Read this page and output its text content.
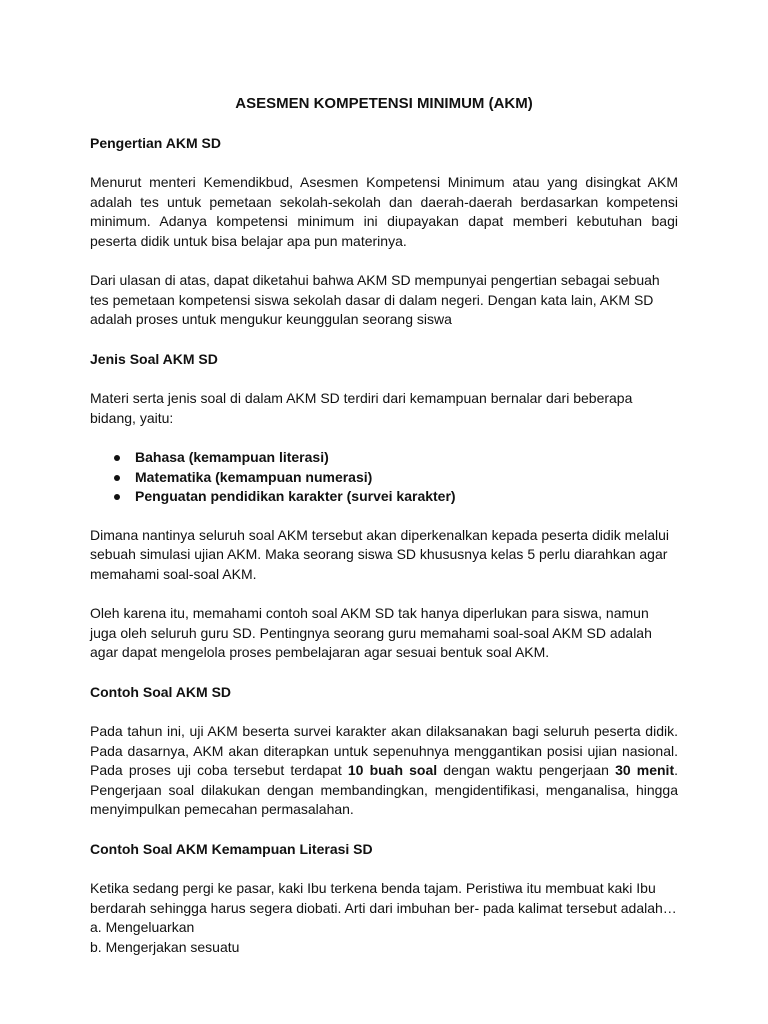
ASESMEN KOMPETENSI MINIMUM (AKM)
Pengertian AKM SD

Menurut menteri Kemendikbud, Asesmen Kompetensi Minimum atau yang disingkat AKM adalah tes untuk pemetaan sekolah-sekolah dan daerah-daerah berdasarkan kompetensi minimum. Adanya kompetensi minimum ini diupayakan dapat memberi kebutuhan bagi peserta didik untuk bisa belajar apa pun materinya.

Dari ulasan di atas, dapat diketahui bahwa AKM SD mempunyai pengertian sebagai sebuah tes pemetaan kompetensi siswa sekolah dasar di dalam negeri. Dengan kata lain, AKM SD adalah proses untuk mengukur keunggulan seorang siswa

Jenis Soal AKM SD

Materi serta jenis soal di dalam AKM SD terdiri dari kemampuan bernalar dari beberapa bidang, yaitu:

Bahasa (kemampuan literasi)
Matematika (kemampuan numerasi)
Penguatan pendidikan karakter (survei karakter)

Dimana nantinya seluruh soal AKM tersebut akan diperkenalkan kepada peserta didik melalui sebuah simulasi ujian AKM. Maka seorang siswa SD khususnya kelas 5 perlu diarahkan agar memahami soal-soal AKM.

Oleh karena itu, memahami contoh soal AKM SD tak hanya diperlukan para siswa, namun juga oleh seluruh guru SD. Pentingnya seorang guru memahami soal-soal AKM SD adalah agar dapat mengelola proses pembelajaran agar sesuai bentuk soal AKM.

Contoh Soal AKM SD

Pada tahun ini, uji AKM beserta survei karakter akan dilaksanakan bagi seluruh peserta didik. Pada dasarnya, AKM akan diterapkan untuk sepenuhnya menggantikan posisi ujian nasional. Pada proses uji coba tersebut terdapat 10 buah soal dengan waktu pengerjaan 30 menit. Pengerjaan soal dilakukan dengan membandingkan, mengidentifikasi, menganalisa, hingga menyimpulkan pemecahan permasalahan.

Contoh Soal AKM Kemampuan Literasi SD
Ketika sedang pergi ke pasar, kaki Ibu terkena benda tajam. Peristiwa itu membuat kaki Ibu
berdarah sehingga harus segera diobati. Arti dari imbuhan ber- pada kalimat tersebut adalah…
a. Mengeluarkan
b. Mengerjakan sesuatu
